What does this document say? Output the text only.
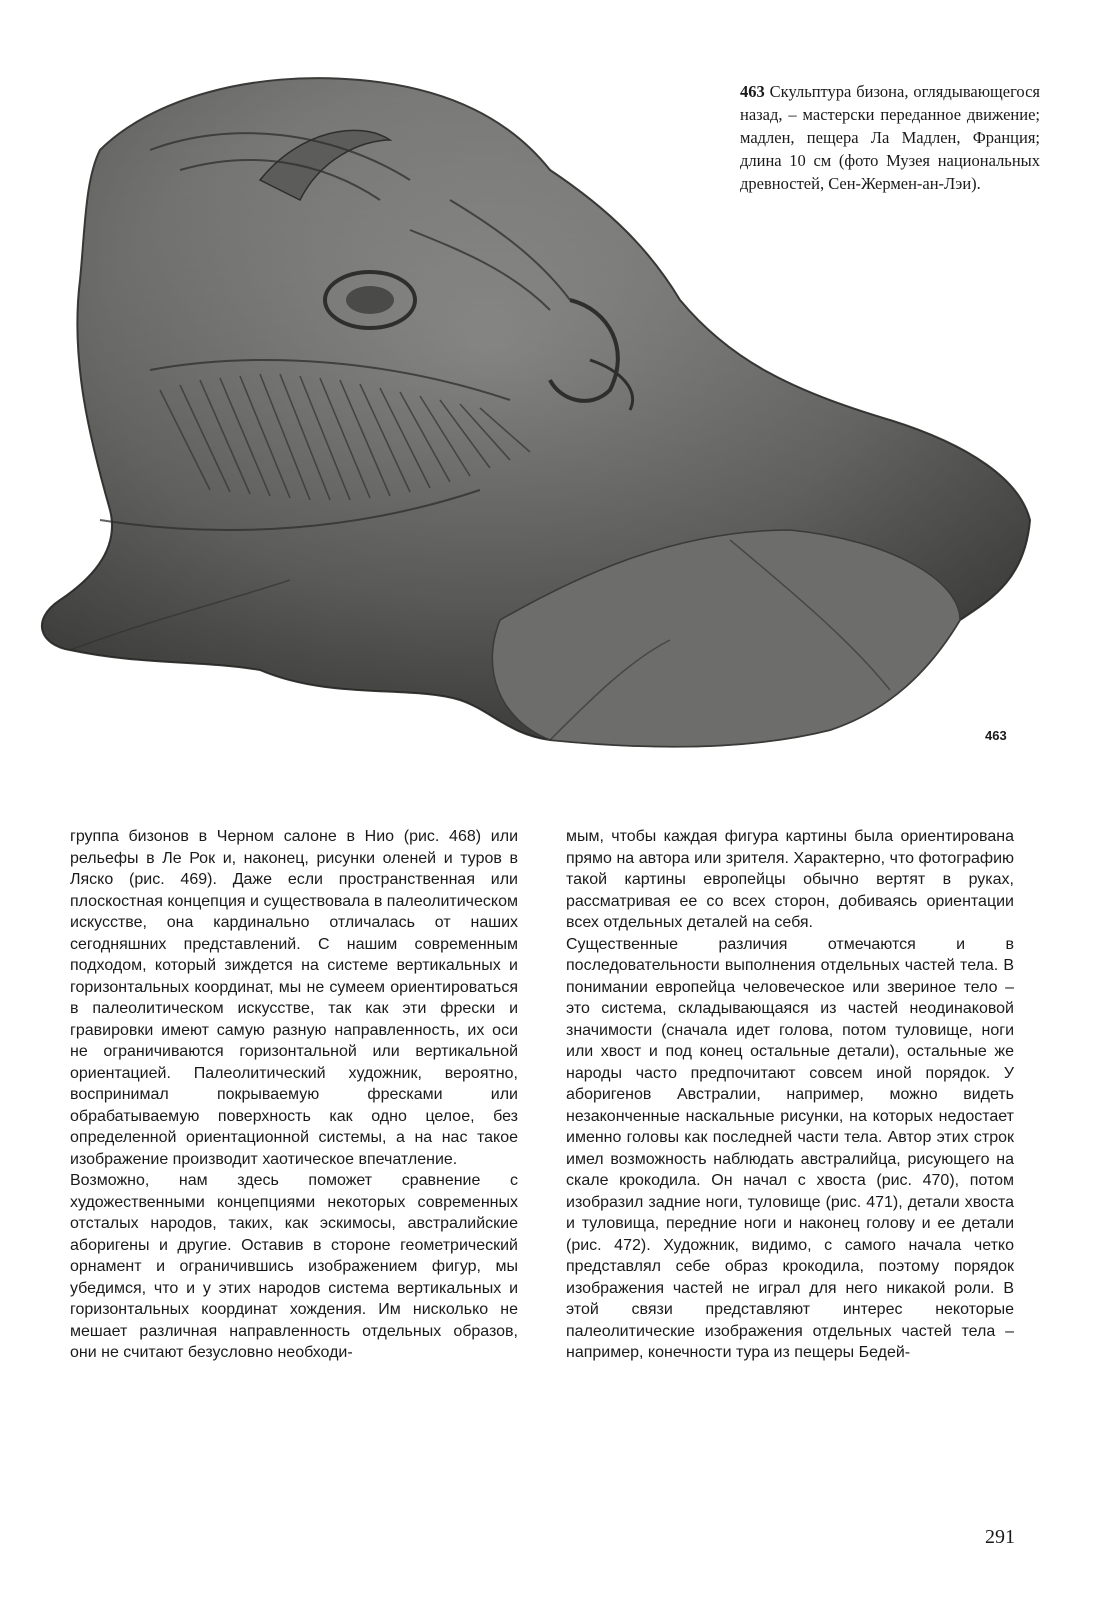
463 Скульптура бизона, оглядывающегося назад, – мастерски переданное движение; мадлен, пещера Ла Мадлен, Франция; длина 10 см (фото Музея национальных древностей, Сен-Жермен-ан-Лэи).
463

группа бизонов в Черном салоне в Нио (рис. 468) или рельефы в Ле Рок и, наконец, рисунки оленей и туров в Ляско (рис. 469). Даже если пространственная или плоскостная концепция и существовала в палеолитическом искусстве, она кардинально отличалась от наших сегодняшних представлений. С нашим современным подходом, который зиждется на системе вертикальных и горизонтальных координат, мы не сумеем ориентироваться в палеолитическом искусстве, так как эти фрески и гравировки имеют самую разную направленность, их оси не ограничиваются горизонтальной или вертикальной ориентацией. Палеолитический художник, вероятно, воспринимал покрываемую фресками или обрабатываемую поверхность как одно целое, без определенной ориентационной системы, а на нас такое изображение производит хаотическое впечатление.

Возможно, нам здесь поможет сравнение с художественными концепциями некоторых современных отсталых народов, таких, как эскимосы, австралийские аборигены и другие. Оставив в стороне геометрический орнамент и ограничившись изображением фигур, мы убедимся, что и у этих народов система вертикальных и горизонтальных координат хождения. Им нисколько не мешает различная направленность отдельных образов, они не считают безусловно необходи-

мым, чтобы каждая фигура картины была ориентирована прямо на автора или зрителя. Характерно, что фотографию такой картины европейцы обычно вертят в руках, рассматривая ее со всех сторон, добиваясь ориентации всех отдельных деталей на себя.

Существенные различия отмечаются и в последовательности выполнения отдельных частей тела. В понимании европейца человеческое или звериное тело – это система, складывающаяся из частей неодинаковой значимости (сначала идет голова, потом туловище, ноги или хвост и под конец остальные детали), остальные же народы часто предпочитают совсем иной порядок. У аборигенов Австралии, например, можно видеть незаконченные наскальные рисунки, на которых недостает именно головы как последней части тела. Автор этих строк имел возможность наблюдать австралийца, рисующего на скале крокодила. Он начал с хвоста (рис. 470), потом изобразил задние ноги, туловище (рис. 471), детали хвоста и туловища, передние ноги и наконец голову и ее детали (рис. 472). Художник, видимо, с самого начала четко представлял себе образ крокодила, поэтому порядок изображения частей не играл для него никакой роли. В этой связи представляют интерес некоторые палеолитические изображения отдельных частей тела – например, конечности тура из пещеры Бедей-

291
